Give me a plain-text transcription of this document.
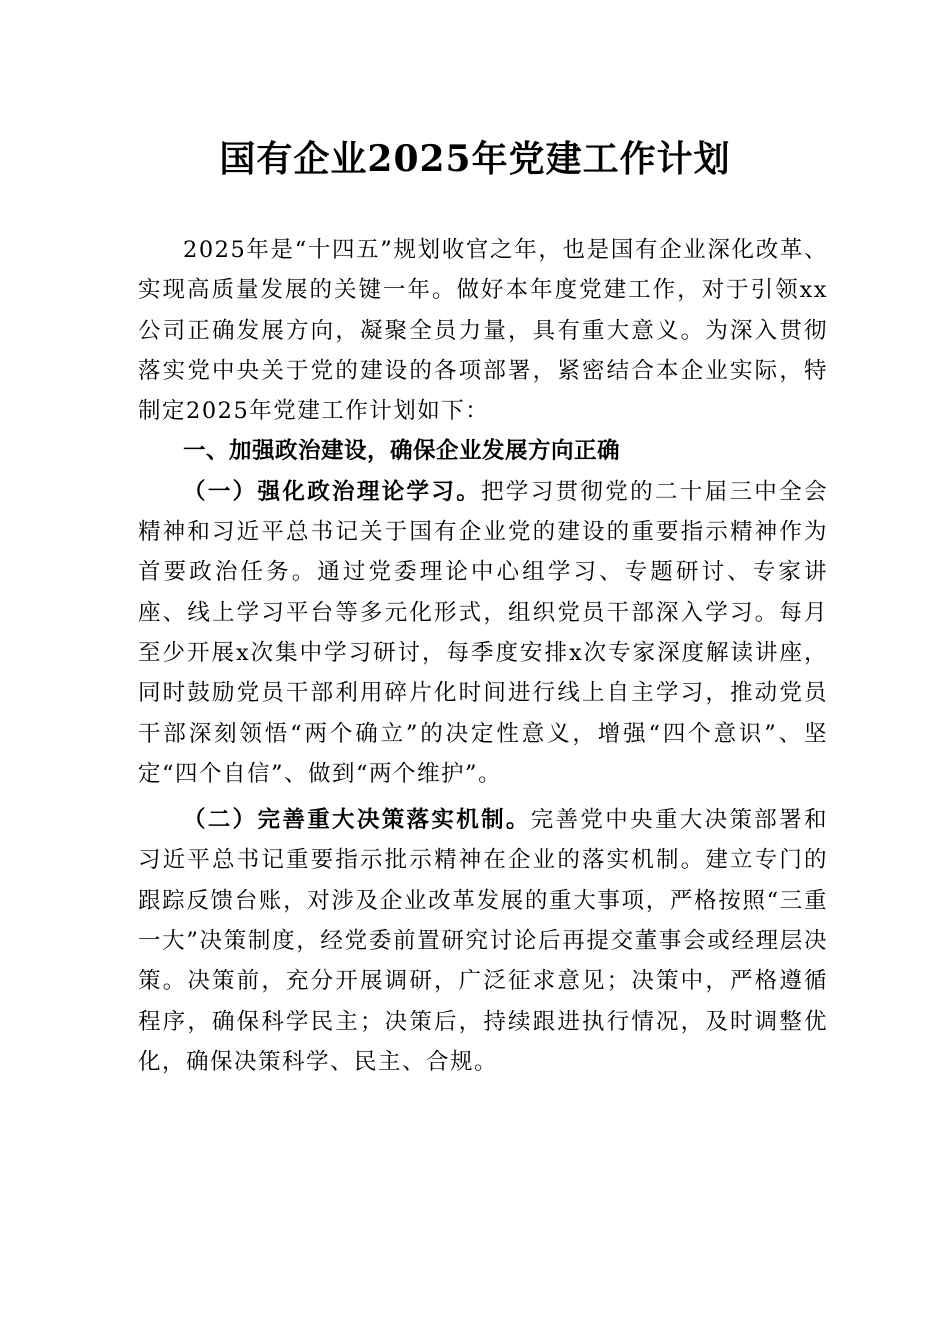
国有企业2025年党建工作计划

2025年是“十四五”规划收官之年，也是国有企业深化改革、实现高质量发展的关键一年。做好本年度党建工作，对于引领xx公司正确发展方向，凝聚全员力量，具有重大意义。为深入贯彻落实党中央关于党的建设的各项部署，紧密结合本企业实际，特制定2025年党建工作计划如下：

一、加强政治建设，确保企业发展方向正确

（一）强化政治理论学习。把学习贯彻党的二十届三中全会精神和习近平总书记关于国有企业党的建设的重要指示精神作为首要政治任务。通过党委理论中心组学习、专题研讨、专家讲座、线上学习平台等多元化形式，组织党员干部深入学习。每月至少开展x次集中学习研讨，每季度安排x次专家深度解读讲座，同时鼓励党员干部利用碎片化时间进行线上自主学习，推动党员干部深刻领悟“两个确立”的决定性意义，增强“四个意识”、坚定“四个自信”、做到“两个维护”。

（二）完善重大决策落实机制。完善党中央重大决策部署和习近平总书记重要指示批示精神在企业的落实机制。建立专门的跟踪反馈台账，对涉及企业改革发展的重大事项，严格按照“三重一大”决策制度，经党委前置研究讨论后再提交董事会或经理层决策。决策前，充分开展调研，广泛征求意见；决策中，严格遵循程序，确保科学民主；决策后，持续跟进执行情况，及时调整优化，确保决策科学、民主、合规。
